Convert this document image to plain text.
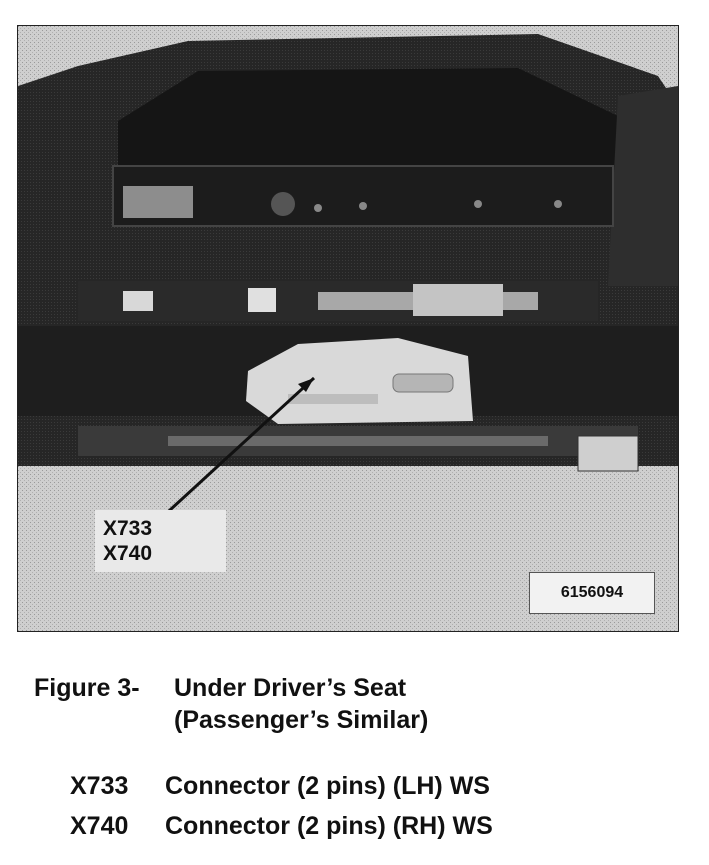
X733
X740
6156094
Figure 3- Under Driver’s Seat
(Passenger’s Similar)
X733 Connector (2 pins) (LH) WS
X740 Connector (2 pins) (RH) WS
